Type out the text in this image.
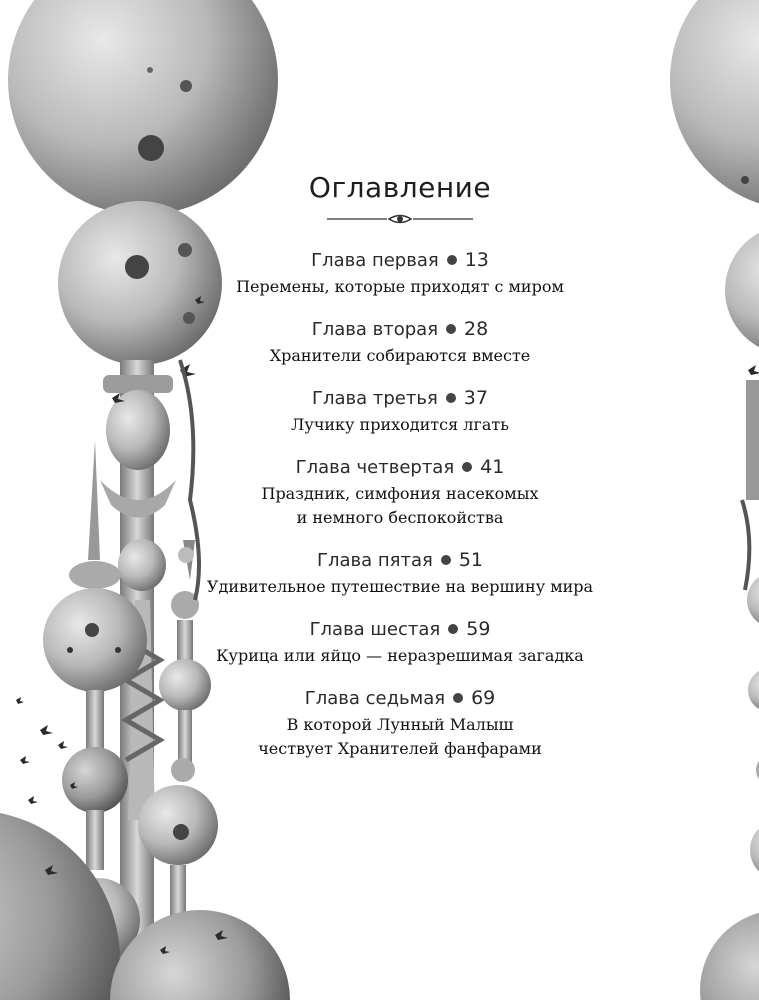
Оглавление
Глава первая 13
Перемены, которые приходят с миром
Глава вторая 28
Хранители собираются вместе
Глава третья 37
Лучику приходится лгать
Глава четвертая 41
Праздник, симфония насекомых
и немного беспокойства
Глава пятая 51
Удивительное путешествие на вершину мира
Глава шестая 59
Курица или яйцо — неразрешимая загадка
Глава седьмая 69
В которой Лунный Малыш
чествует Хранителей фанфарами
